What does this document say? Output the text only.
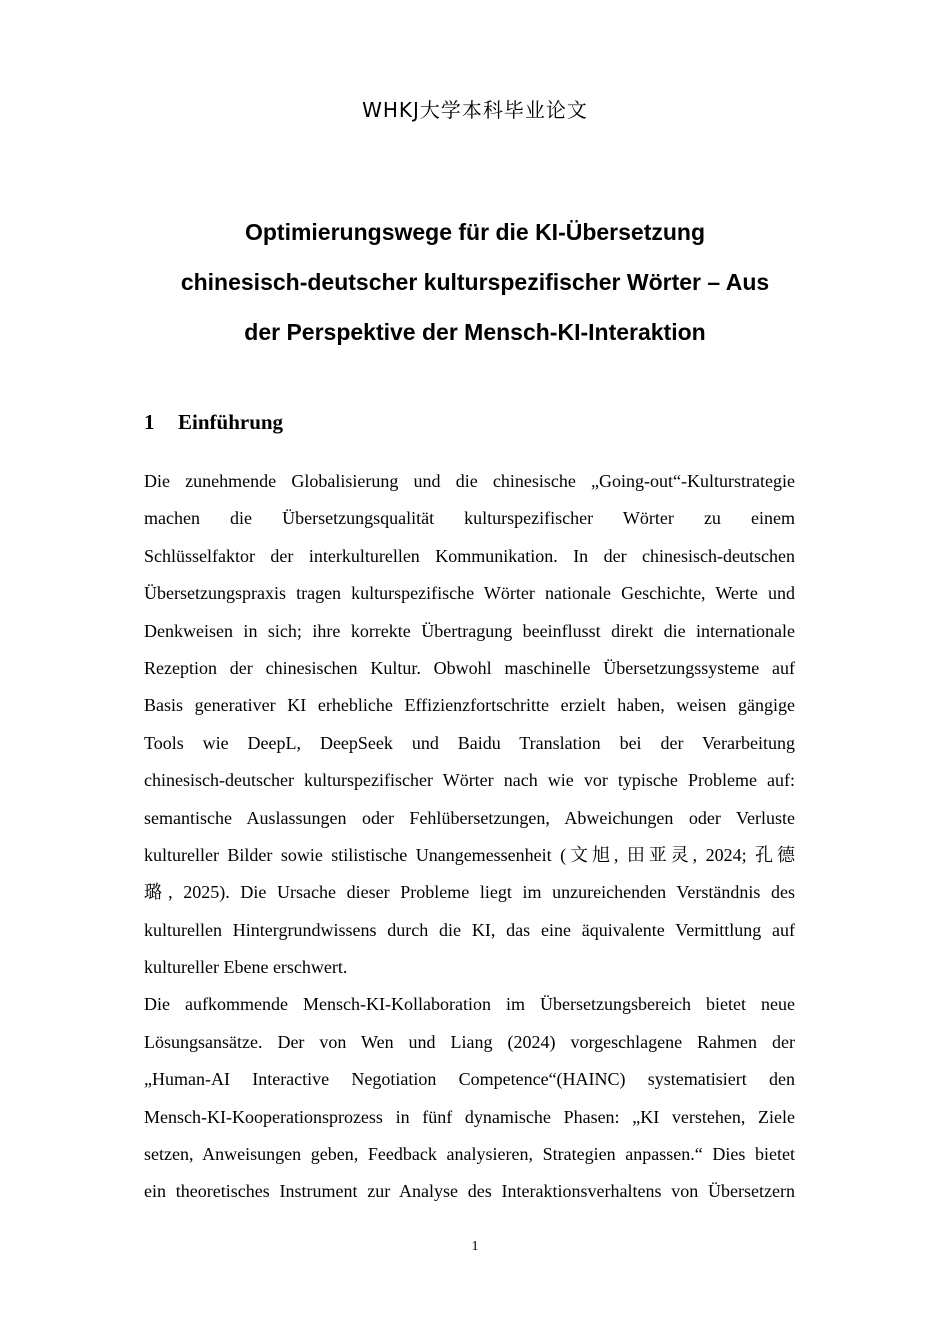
WHKJ大学本科毕业论文
Optimierungswege für die KI-Übersetzung
chinesisch-deutscher kulturspezifischer Wörter – Aus
der Perspektive der Mensch-KI-Interaktion
1 Einführung
Die zunehmende Globalisierung und die chinesische „Going-out“-Kulturstrategie
machen die Übersetzungsqualität kulturspezifischer Wörter zu einem
Schlüsselfaktor der interkulturellen Kommunikation. In der chinesisch-deutschen
Übersetzungspraxis tragen kulturspezifische Wörter nationale Geschichte, Werte und
Denkweisen in sich; ihre korrekte Übertragung beeinflusst direkt die internationale
Rezeption der chinesischen Kultur. Obwohl maschinelle Übersetzungssysteme auf
Basis generativer KI erhebliche Effizienzfortschritte erzielt haben, weisen gängige
Tools wie DeepL, DeepSeek und Baidu Translation bei der Verarbeitung
chinesisch-deutscher kulturspezifischer Wörter nach wie vor typische Probleme auf:
semantische Auslassungen oder Fehlübersetzungen, Abweichungen oder Verluste
kultureller Bilder sowie stilistische Unangemessenheit (文旭, 田亚灵, 2024; 孔德
璐, 2025). Die Ursache dieser Probleme liegt im unzureichenden Verständnis des
kulturellen Hintergrundwissens durch die KI, das eine äquivalente Vermittlung auf
kultureller Ebene erschwert.
Die aufkommende Mensch-KI-Kollaboration im Übersetzungsbereich bietet neue
Lösungsansätze. Der von Wen und Liang (2024) vorgeschlagene Rahmen der
„Human-AI Interactive Negotiation Competence“(HAINC) systematisiert den
Mensch-KI-Kooperationsprozess in fünf dynamische Phasen: „KI verstehen, Ziele
setzen, Anweisungen geben, Feedback analysieren, Strategien anpassen.“ Dies bietet
ein theoretisches Instrument zur Analyse des Interaktionsverhaltens von Übersetzern
1
